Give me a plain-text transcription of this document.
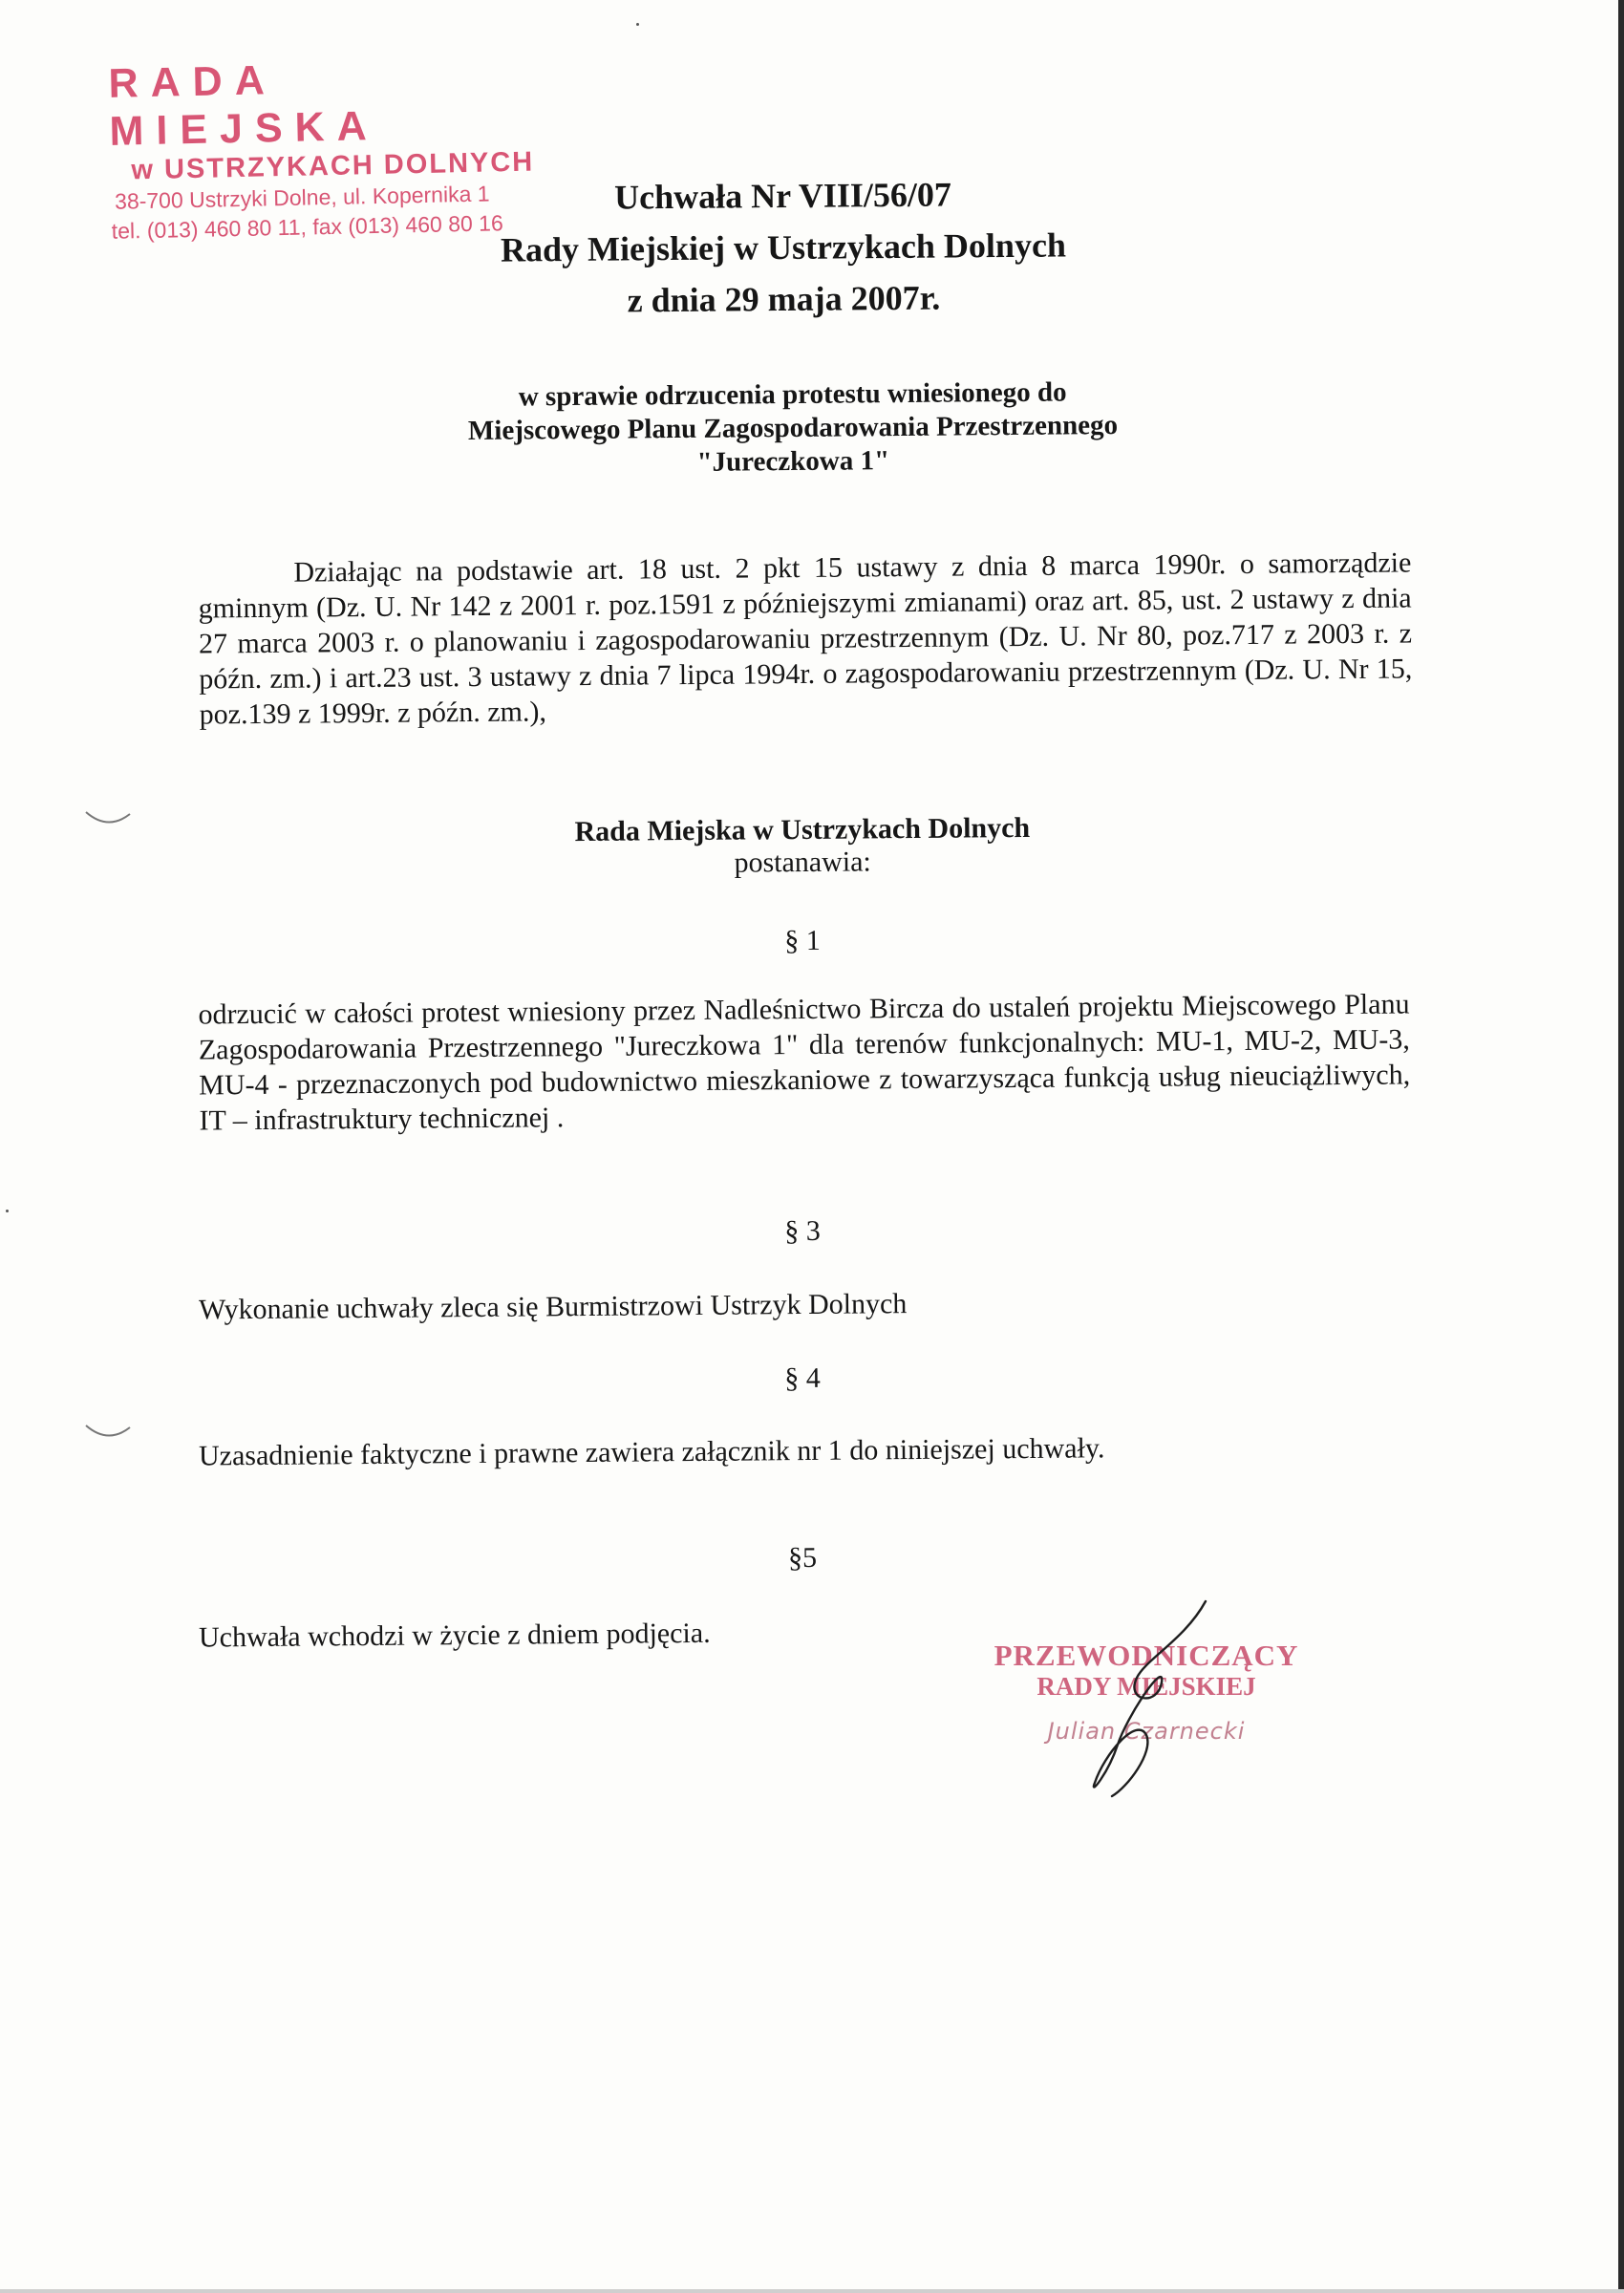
RADA MIEJSKA
w USTRZYKACH DOLNYCH
38-700 Ustrzyki Dolne, ul. Kopernika 1
tel. (013) 460 80 11, fax (013) 460 80 16
Uchwała Nr VIII/56/07
Rady Miejskiej w Ustrzykach Dolnych
z dnia 29 maja 2007r.
w sprawie odrzucenia protestu wniesionego do
Miejscowego Planu Zagospodarowania Przestrzennego
"Jureczkowa 1"
Działając na podstawie art. 18 ust. 2 pkt 15 ustawy z dnia 8 marca 1990r. o samorządzie gminnym (Dz. U. Nr 142 z 2001 r. poz.1591 z późniejszymi zmianami) oraz art. 85, ust. 2 ustawy z dnia 27 marca 2003 r. o planowaniu i zagospodarowaniu przestrzennym (Dz. U. Nr 80, poz.717 z 2003 r. z późn. zm.) i art.23 ust. 3 ustawy z dnia 7 lipca 1994r. o zagospodarowaniu przestrzennym (Dz. U. Nr 15, poz.139 z 1999r. z późn. zm.),
Rada Miejska w Ustrzykach Dolnych
postanawia:
§ 1
odrzucić w całości protest wniesiony przez Nadleśnictwo Bircza do ustaleń projektu Miejscowego Planu Zagospodarowania Przestrzennego "Jureczkowa 1" dla terenów funkcjonalnych: MU-1, MU-2, MU-3, MU-4 - przeznaczonych pod budownictwo mieszkaniowe z towarzysząca funkcją usług nieuciążliwych, IT – infrastruktury technicznej .
§ 3
Wykonanie uchwały zleca się Burmistrzowi Ustrzyk Dolnych
§ 4
Uzasadnienie faktyczne i prawne zawiera załącznik nr 1 do niniejszej uchwały.
§5
Uchwała wchodzi w życie z dniem podjęcia.
PRZEWODNICZĄCY
RADY MIEJSKIEJ
Julian Czarnecki
